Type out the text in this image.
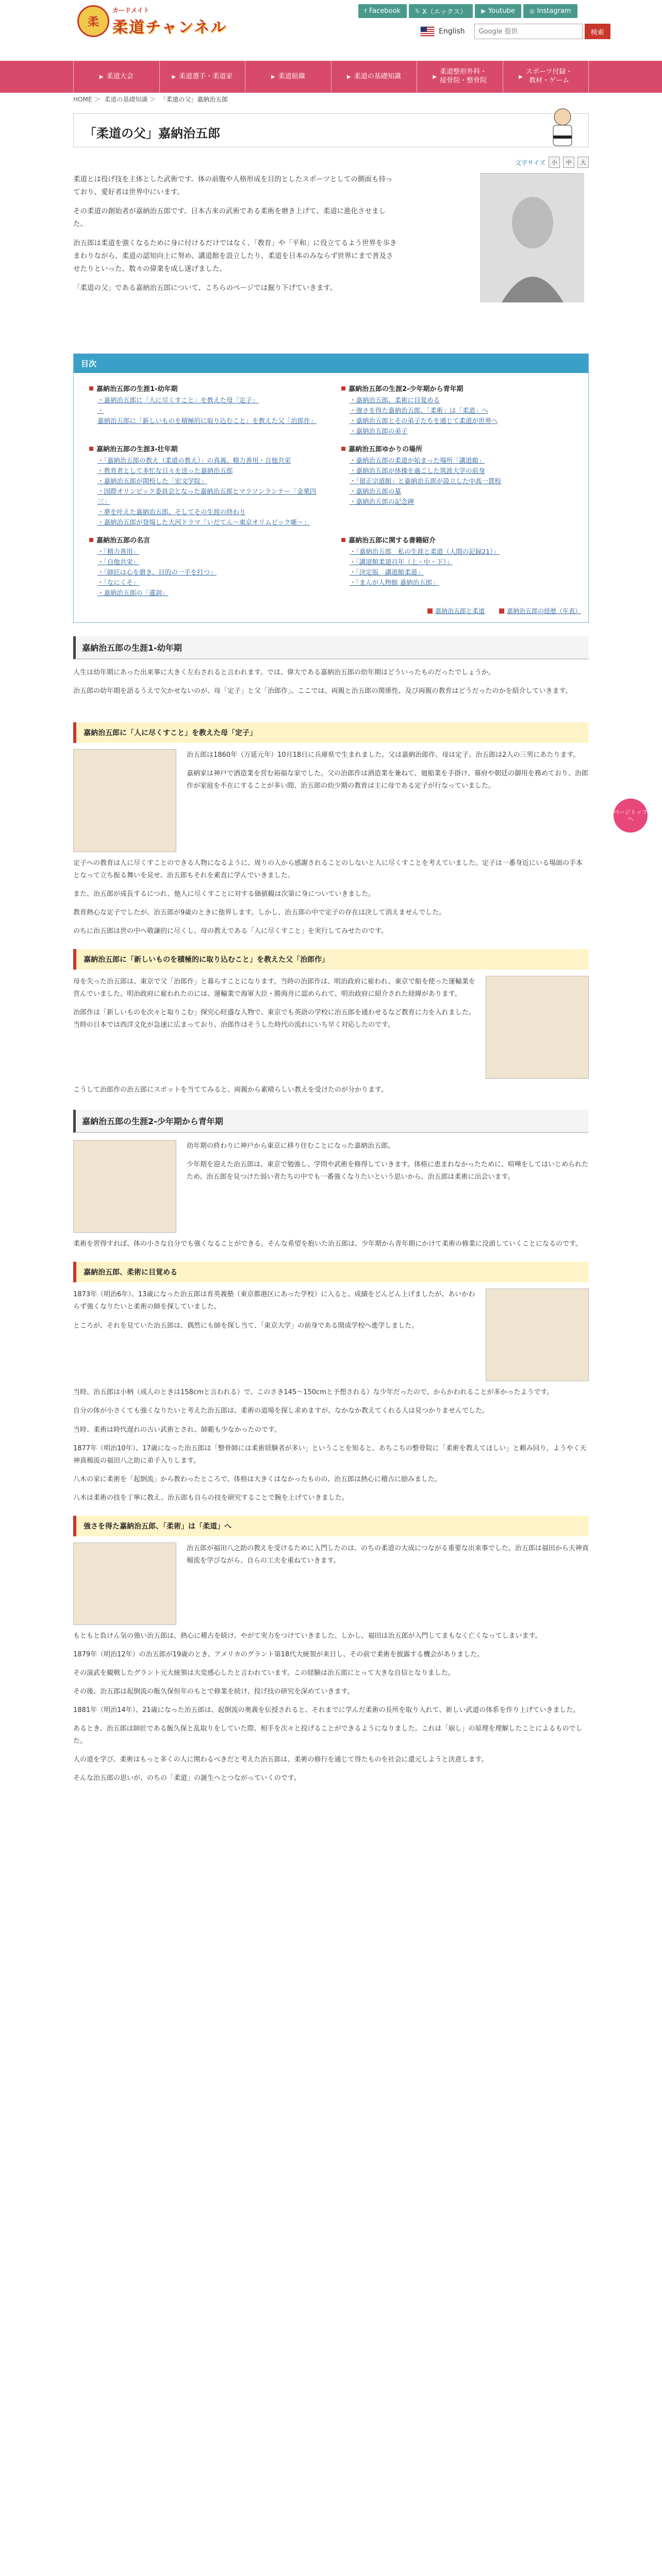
柔
カードメイト
柔道チャンネル
f Facebook	𝕏 X（エックス）	▶ Youtube	◎ Instagram
English
Google 提供	検索
▶ 柔道大会	▶ 柔道選手・柔道家	▶ 柔道組織	▶ 柔道の基礎知識	▶
柔道整形外科・
接骨院・整骨院	▶
スポーツ付録・
教材・ゲーム
HOME ＞ 柔道の基礎知識 ＞ 「柔道の父」嘉納治五郎
「柔道の父」嘉納治五郎
文字サイズ	小	中	大

柔道とは投げ技を主体とした武術です。体の前腹や人格形成を目的としたスポーツとしての側面も持っており、愛好者は世界中にいます。

その柔道の創始者が嘉納治五郎です。日本古来の武術である柔術を磨き上げて、柔道に進化させました。

治五郎は柔道を強くなるために身に付けるだけではなく、「教育」や「平和」に役立てるよう世界を歩きまわりながら、柔道の認知向上に努め、講道館を設立したり、柔道を日本のみならず世界にまで普及させたりといった、数々の偉業を成し遂げました。

「柔道の父」である嘉納治五郎について、こちらのページでは掘り下げていきます。

目次
嘉納治五郎の生涯1-幼年期
・ 嘉納治五郎に「人に尽くすこと」を教えた母「定子」
・ 嘉納治五郎に「新しいものを積極的に取り込むこと」を教えた父「治郎作」
嘉納治五郎の生涯2-少年期から青年期
・ 嘉納治五郎、柔術に目覚める
・ 強さを得た嘉納治五郎、「柔術」は「柔道」へ
・ 嘉納治五郎とその弟子たちを通じて柔道が世界へ
・ 嘉納治五郎の弟子
嘉納治五郎の生涯3-壮年期
・ 「嘉納治五郎の教え（柔道の教え）」の真義、精力善用・自他共栄
・ 教育者として多忙な日々を送った嘉納治五郎
・ 嘉納治五郎が開校した「宏文学院」
・ 国際オリンピック委員会となった嘉納治五郎とマラソンランナー「金栗四三」
・ 夢を叶えた嘉納治五郎、そしてその生涯の終わり
・ 嘉納治五郎が登場した大河ドラマ「いだてん～東京オリムピック噺～」
嘉納治五郎ゆかりの場所
・ 嘉納治五郎の柔道が始まった場所「講道館」
・ 嘉納治五郎が体操を過ごした筑波大学の前身
・ 「留正宗道館」と嘉納治五郎が設立した中高一貫校
・ 嘉納治五郎の墓
・ 嘉納治五郎の記念碑
嘉納治五郎の名言
・ 「精力善用」
・ 「自他共栄」
・ 「師匠は心を磨き、目的の一手を打つ」
・ 「なにくそ」
・ 嘉納治五郎の「遺訓」
嘉納治五郎に関する書籍紹介
・ 「嘉納治五郎　私の生涯と柔道（人間の記録21）」
・ 「講道館柔道百年（上・中・下）」
・ 「決定版　講道館柔道」
・ 「まんが人物館 嘉納治五郎」
嘉納治五郎と柔道	嘉納治五郎の経歴（年表）
嘉納治五郎の生涯1-幼年期

人生は幼年期にあった出来事に大きく左右されると言われます。では、偉大である嘉納治五郎の幼年期はどういったものだったでしょうか。

治五郎の幼年期を語るうえで欠かせないのが、母「定子」と父「治郎作」。ここでは、両親と治五郎の関係性、及び両親の教育はどうだったのかを紹介していきます。

嘉納治五郎に「人に尽くすこと」を教えた母「定子」

治五郎は1860年（万延元年）10月18日に兵庫県で生まれました。父は嘉納治郎作、母は定子。治五郎は2人の三男にあたります。

嘉納家は神戸で酒造業を営む裕福な家でした。父の治郎作は酒造業を兼ねて、廻船業を手掛け、幕府や朝廷の御用を務めており、治郎作が家庭を不在にすることが多い間、治五郎の幼少期の教育は主に母である定子が行なっていました。

定子への教育は人に尽くすことのできる人物になるように、周りの人から感謝されることのしないと人に尽くすことを考えていました。定子は一番身近にいる場面の手本となって立ち振る舞いを見せ、治五郎もそれを素直に学んでいきました。

また、治五郎が成長するにつれ、他人に尽くすことに対する価値観は次第に身についていきました。

教育熱心な定子でしたが、治五郎が9歳のときに他界します。しかし、治五郎の中で定子の存在は決して消えませんでした。

のちに治五郎は世の中へ敬謙的に尽くし、母の教えである「人に尽くすこと」を実行してみせたのです。

嘉納治五郎に「新しいものを積極的に取り込むこと」を教えた父「治郎作」

母を失った治五郎は、東京で父「治郎作」と暮らすことになります。当時の治郎作は、明治政府に雇われ、東京で船を使った運輸業を営んでいました。明治政府に雇われたのには、運輸業で海軍大臣・勝海舟に認められて、明治政府に紹介された経緯があります。

治郎作は「新しいものを次々と取りこむ」探究心旺盛な人物で、東京でも英語の学校に治五郎を通わせるなど教育に力を入れました。当時の日本では西洋文化が急速に広まっており、治郎作はそうした時代の流れにいち早く対応したのです。

こうして治郎作の治五郎にスポットを当ててみると、両親から素晴らしい教えを受けたのが分かります。

嘉納治五郎の生涯2-少年期から青年期

幼年期の終わりに神戸から東京に移り住むことになった嘉納治五郎。

少年期を迎えた治五郎は、東京で勉強し、学問や武術を修得していきます。体格に恵まれなかったために、喧嘩をしてはいじめられたため、治五郎を見つけた弱い者たちの中でも一番強くなりたいという思いから、治五郎は柔術に出会います。

柔術を習得すれば、体の小さな自分でも強くなることができる。そんな希望を抱いた治五郎は、少年期から青年期にかけて柔術の修業に没頭していくことになるのです。

嘉納治五郎、柔術に目覚める

1873年（明治6年）、13歳になった治五郎は育英義塾（東京都港区にあった学校）に入ると、成績をどんどん上げましたが、あいかわらず強くなりたいと柔術の師を探していました。

ところが、それを見ていた治五郎は、偶然にも師を探し当て、「東京大学」の前身である開成学校へ進学しました。

当時、治五郎は小柄（成人のときは158cmと言われる）で、このさき145～150cmと予想される）な少年だったので、からかわれることが多かったようです。

自分の体が小さくても強くなりたいと考えた治五郎は、柔術の道場を探し求めますが、なかなか教えてくれる人は見つかりませんでした。

当時、柔術は時代遅れの古い武術とされ、師範も少なかったのです。

1877年（明治10年）、17歳になった治五郎は「整骨師には柔術経験者が多い」ということを知ると、あちこちの整骨院に「柔術を教えてほしい」と頼み回り、ようやく天神真楊流の福田八之助に弟子入りします。

八木の家に柔術を「起倒流」から教わったところで、体格は大きくはなかったものの、治五郎は熱心に稽古に励みました。

八木は柔術の技を丁寧に教え、治五郎も自らの技を研究することで腕を上げていきました。

強さを得た嘉納治五郎、「柔術」は「柔道」へ

治五郎が福田八之助の教えを受けるために入門したのは、のちの柔道の大成につながる重要な出来事でした。治五郎は福田から天神真楊流を学びながら、自らの工夫を重ねていきます。

もともと負けん気の強い治五郎は、熱心に稽古を続け、やがて実力をつけていきました。しかし、福田は治五郎が入門してまもなく亡くなってしまいます。

1879年（明治12年）の治五郎が19歳のとき、アメリカのグラント第18代大統領が来日し、その前で柔術を披露する機会がありました。

その演武を観戦したグラント元大統領は大変感心したと言われています。この経験は治五郎にとって大きな自信となりました。

その後、治五郎は起倒流の飯久保恒年のもとで修業を続け、投げ技の研究を深めていきます。

1881年（明治14年）、21歳になった治五郎は、起倒流の奥義を伝授されると、それまでに学んだ柔術の長所を取り入れて、新しい武道の体系を作り上げていきました。

あるとき、治五郎は師匠である飯久保と乱取りをしていた際、相手を次々と投げることができるようになりました。これは「崩し」の原理を理解したことによるものでした。

人の道を学び、柔術はもっと多くの人に関わるべきだと考えた治五郎は、柔術の修行を通じて得たものを社会に還元しようと決意します。

そんな治五郎の思いが、のちの「柔道」の誕生へとつながっていくのです。

ページトップへ
